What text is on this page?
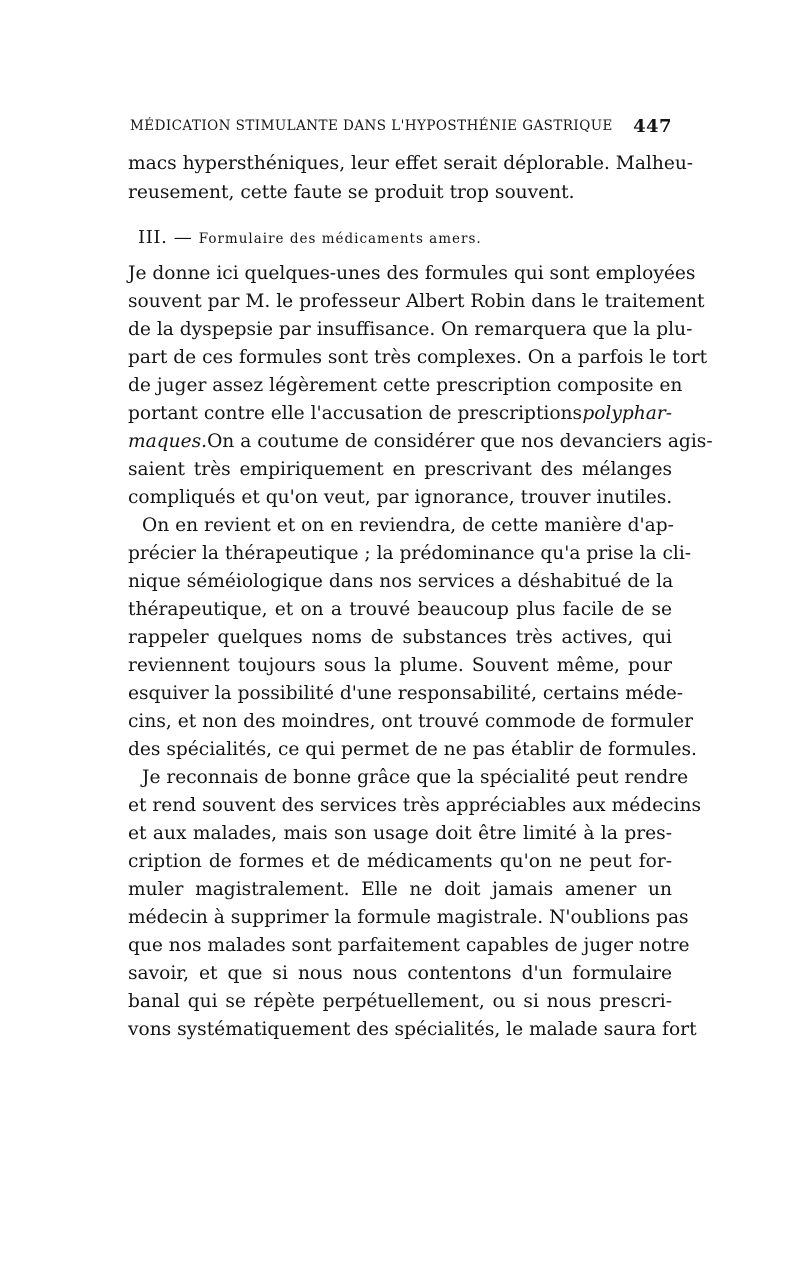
MÉDICATION STIMULANTE DANS L'HYPOSTHÉNIE GASTRIQUE 447
macs hypersthéniques, leur effet serait déplorable. Malheu-
reusement, cette faute se produit trop souvent.
III. — Formulaire des médicaments amers.
Je donne ici quelques-unes des formules qui sont employées
souvent par M. le professeur Albert Robin dans le traitement
de la dyspepsie par insuffisance. On remarquera que la plu-
part de ces formules sont très complexes. On a parfois le tort
de juger assez légèrement cette prescription composite en
portant contre elle l'accusation de prescriptions polyphar-
maques.On a coutume de considérer que nos devanciers agis-
saient très empiriquement en prescrivant des mélanges
compliqués et qu'on veut, par ignorance, trouver inutiles.
On en revient et on en reviendra, de cette manière d'ap-
précier la thérapeutique ; la prédominance qu'a prise la cli-
nique séméiologique dans nos services a déshabitué de la
thérapeutique, et on a trouvé beaucoup plus facile de se
rappeler quelques noms de substances très actives, qui
reviennent toujours sous la plume. Souvent même, pour
esquiver la possibilité d'une responsabilité, certains méde-
cins, et non des moindres, ont trouvé commode de formuler
des spécialités, ce qui permet de ne pas établir de formules.
Je reconnais de bonne grâce que la spécialité peut rendre
et rend souvent des services très appréciables aux médecins
et aux malades, mais son usage doit être limité à la pres-
cription de formes et de médicaments qu'on ne peut for-
muler magistralement. Elle ne doit jamais amener un
médecin à supprimer la formule magistrale. N'oublions pas
que nos malades sont parfaitement capables de juger notre
savoir, et que si nous nous contentons d'un formulaire
banal qui se répète perpétuellement, ou si nous prescri-
vons systématiquement des spécialités, le malade saura fort
